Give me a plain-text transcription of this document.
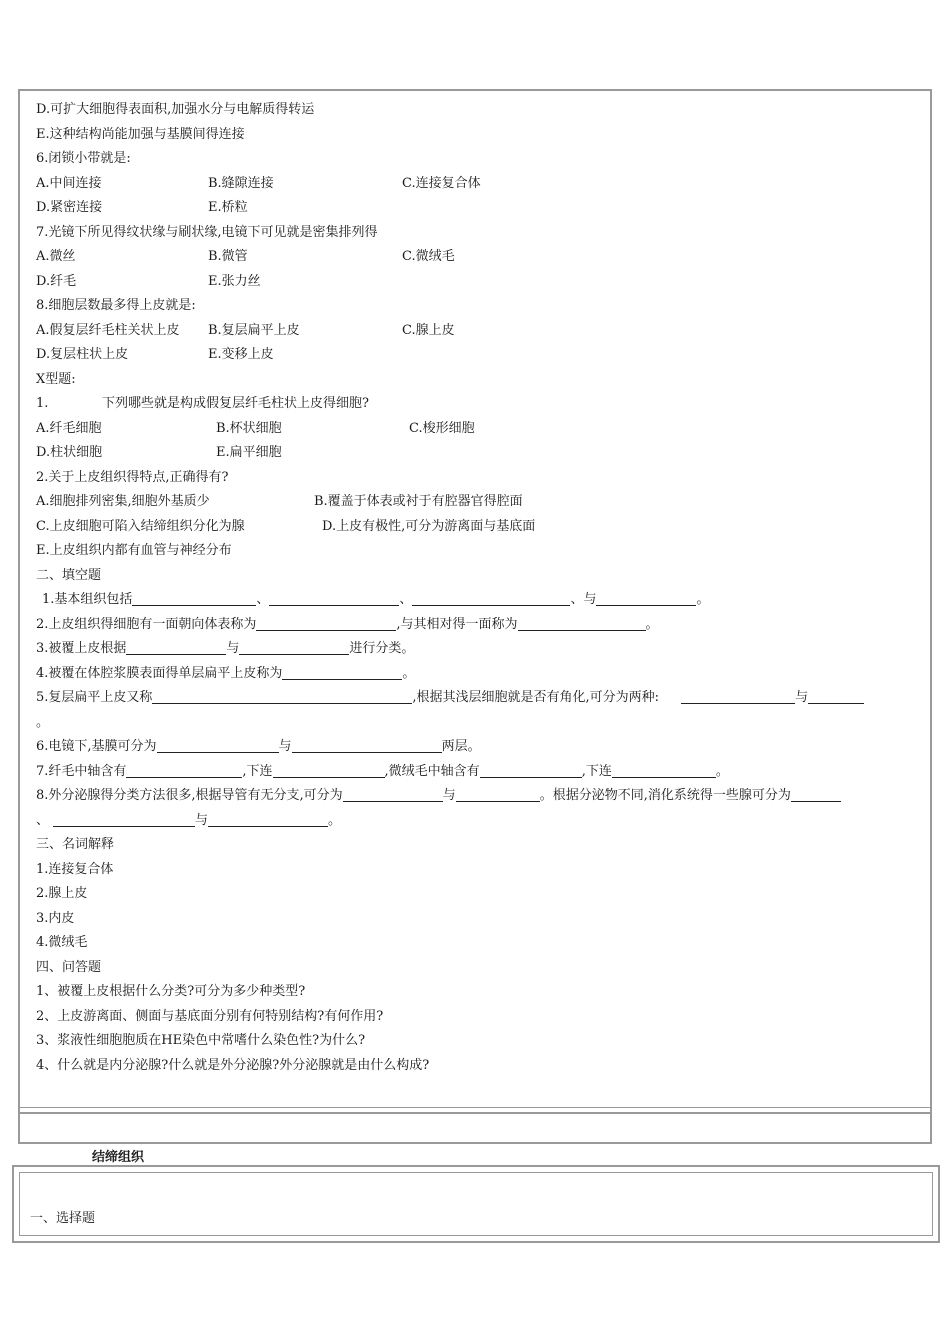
D.可扩大细胞得表面积,加强水分与电解质得转运
E.这种结构尚能加强与基膜间得连接
6.闭锁小带就是:
A.中间连接	B.缝隙连接	C.连接复合体
D.紧密连接	E.桥粒
7.光镜下所见得纹状缘与刷状缘,电镜下可见就是密集排列得
A.微丝	B.微管	C.微绒毛
D.纤毛	E.张力丝
8.细胞层数最多得上皮就是:
A.假复层纤毛柱关状上皮 B.复层扁平上皮	C.腺上皮
D.复层柱状上皮	E.变移上皮
X型题:
1.	下列哪些就是构成假复层纤毛柱状上皮得细胞?
A.纤毛细胞	B.杯状细胞	C.梭形细胞
D.柱状细胞	E.扁平细胞
2.关于上皮组织得特点,正确得有?
A.细胞排列密集,细胞外基质少	B.覆盖于体表或衬于有腔器官得腔面
C.上皮细胞可陷入结缔组织分化为腺	D.上皮有极性,可分为游离面与基底面
E.上皮组织内都有血管与神经分布
二、填空题
1.基本组织包括	、	、	、与	。
2.上皮组织得细胞有一面朝向体表称为	,与其相对得一面称为	。
3.被覆上皮根据	与	进行分类。
4.被覆在体腔浆膜表面得单层扁平上皮称为	。
5.复层扁平上皮又称	,根据其浅层细胞就是否有角化,可分为两种:	与
。
6.电镜下,基膜可分为	与	两层。
7.纤毛中轴含有	,下连	,微绒毛中轴含有	,下连	。
8.外分泌腺得分类方法很多,根据导管有无分支,可分为	与	。根据分泌物不同,消化系统得一些腺可分为
、	与	。
三、名词解释
1.连接复合体
2.腺上皮
3.内皮
4.微绒毛
四、问答题
1、被覆上皮根据什么分类?可分为多少种类型?
2、上皮游离面、侧面与基底面分别有何特别结构?有何作用?
3、浆液性细胞胞质在HE染色中常嗜什么染色性?为什么?
4、什么就是内分泌腺?什么就是外分泌腺?外分泌腺就是由什么构成?
结缔组织
一、选择题
